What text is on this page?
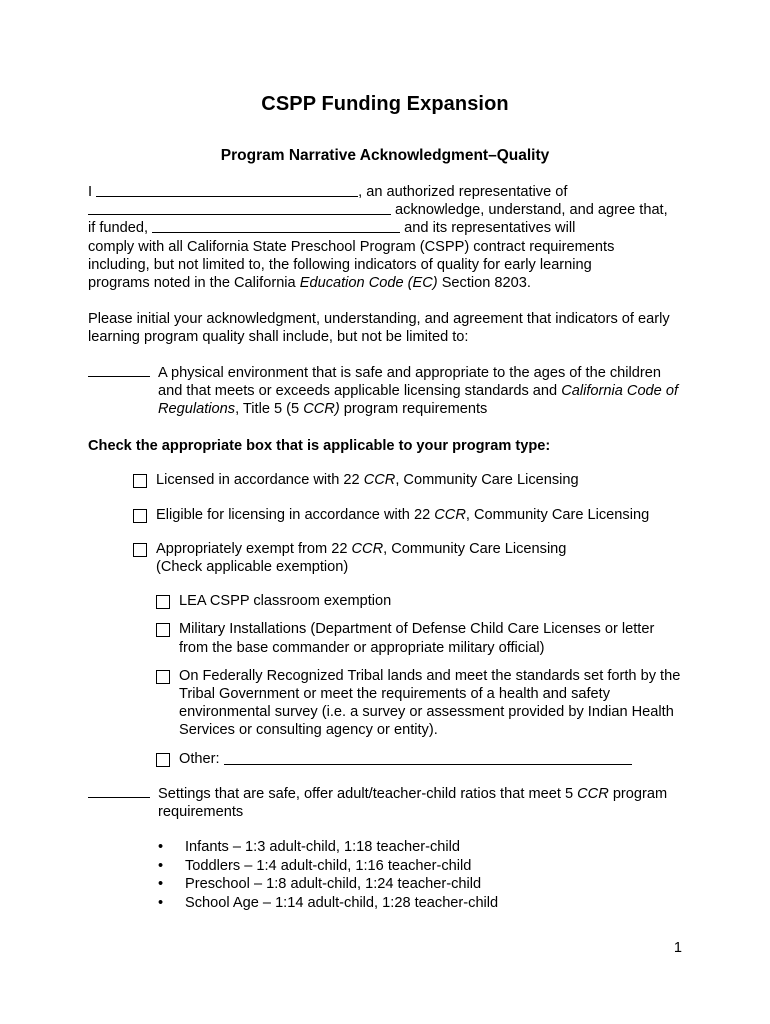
CSPP Funding Expansion
Program Narrative Acknowledgment–Quality
I	, an authorized representative of
acknowledge, understand, and agree that,
if funded,	and its representatives will
comply with all California State Preschool Program (CSPP) contract requirements
including, but not limited to, the following indicators of quality for early learning
programs noted in the California Education Code (EC) Section 8203.
Please initial your acknowledgment, understanding, and agreement that indicators of early learning program quality shall include, but not be limited to:
A physical environment that is safe and appropriate to the ages of the children and that meets or exceeds applicable licensing standards and California Code of Regulations, Title 5 (5 CCR) program requirements
Check the appropriate box that is applicable to your program type:
Licensed in accordance with 22 CCR, Community Care Licensing
Eligible for licensing in accordance with 22 CCR, Community Care Licensing
Appropriately exempt from 22 CCR, Community Care Licensing
(Check applicable exemption)
LEA CSPP classroom exemption
Military Installations (Department of Defense Child Care Licenses or letter from the base commander or appropriate military official)
On Federally Recognized Tribal lands and meet the standards set forth by the Tribal Government or meet the requirements of a health and safety environmental survey (i.e. a survey or assessment provided by Indian Health Services or consulting agency or entity).
Other:
Settings that are safe, offer adult/teacher-child ratios that meet 5 CCR program requirements
• Infants – 1:3 adult-child, 1:18 teacher-child
• Toddlers – 1:4 adult-child, 1:16 teacher-child
• Preschool – 1:8 adult-child, 1:24 teacher-child
• School Age – 1:14 adult-child, 1:28 teacher-child
1
